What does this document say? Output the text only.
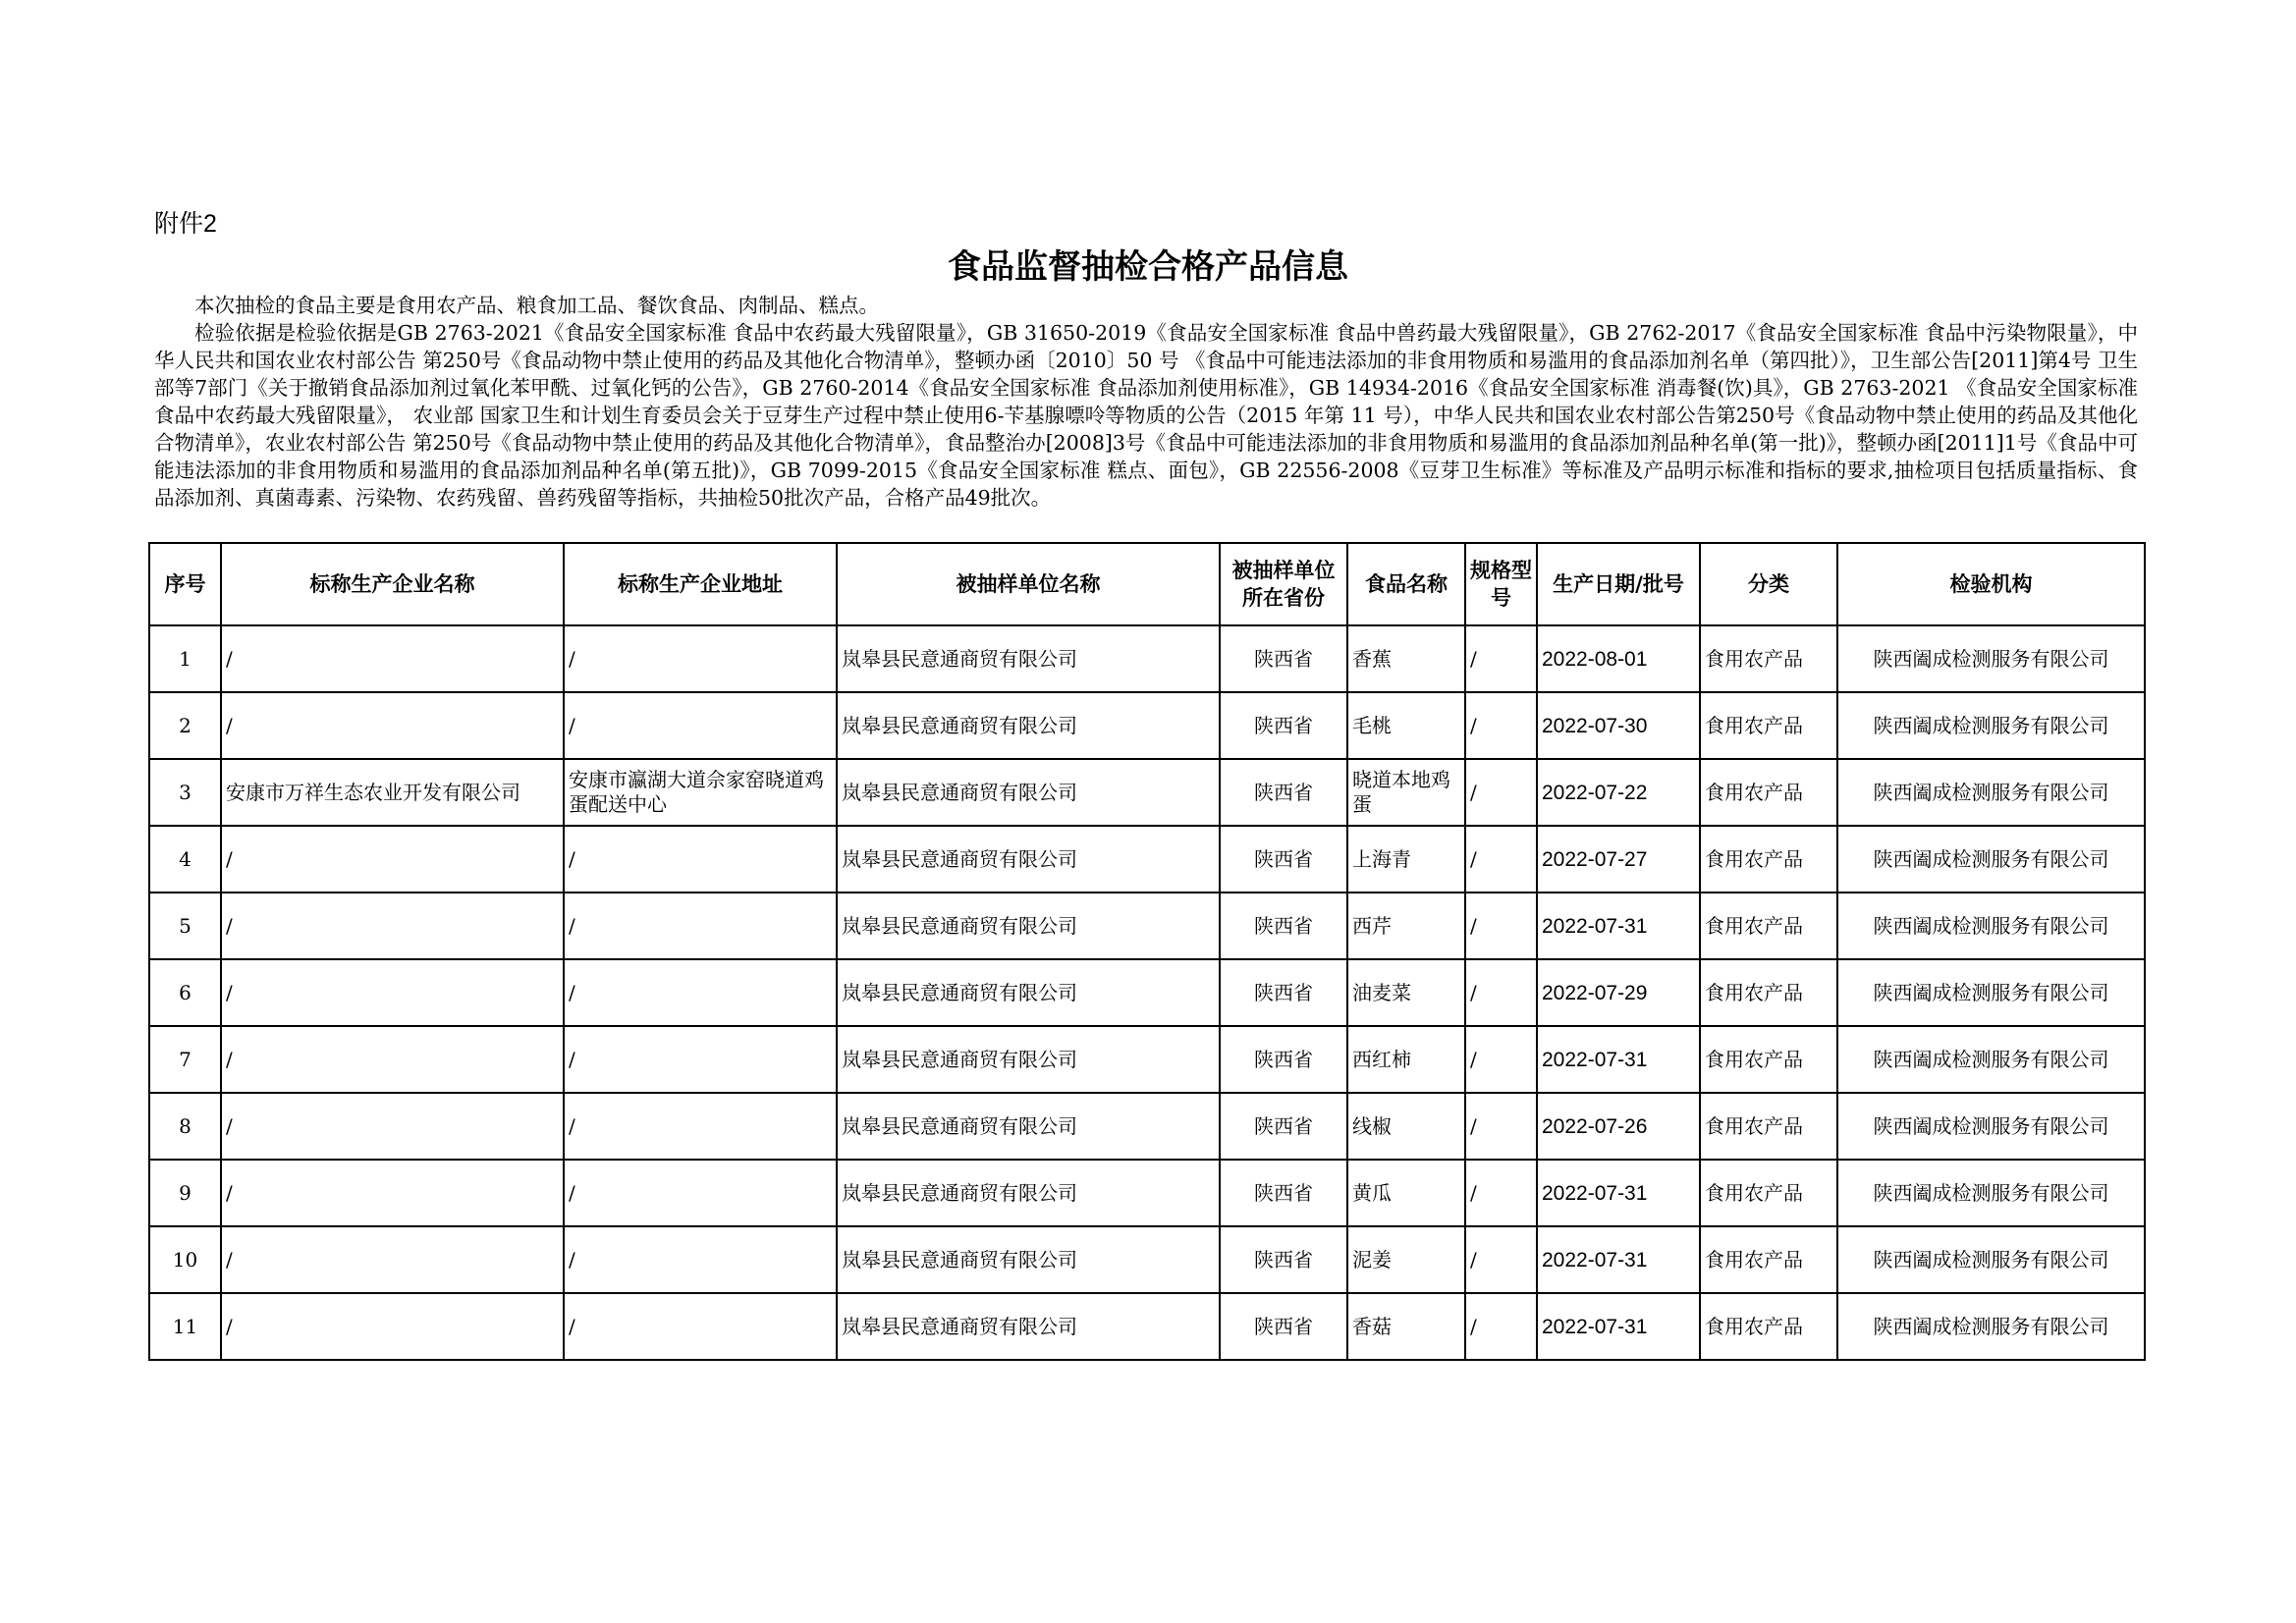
附件2
食品监督抽检合格产品信息

本次抽检的食品主要是食用农产品、粮食加工品、餐饮食品、肉制品、糕点。

检验依据是检验依据是GB 2763-2021《食品安全国家标准 食品中农药最大残留限量》，GB 31650-2019《食品安全国家标准 食品中兽药最大残留限量》，GB 2762-2017《食品安全国家标准 食品中污染物限量》，中华人民共和国农业农村部公告 第250号《食品动物中禁止使用的药品及其他化合物清单》，整顿办函〔2010〕50 号 《食品中可能违法添加的非食用物质和易滥用的食品添加剂名单（第四批）》，卫生部公告[2011]第4号 卫生部等7部门《关于撤销食品添加剂过氧化苯甲酰、过氧化钙的公告》，GB 2760-2014《食品安全国家标准 食品添加剂使用标准》，GB 14934-2016《食品安全国家标准 消毒餐(饮)具》，GB 2763-2021 《食品安全国家标准 食品中农药最大残留限量》， 农业部 国家卫生和计划生育委员会关于豆芽生产过程中禁止使用6-苄基腺嘌呤等物质的公告（2015 年第 11 号），中华人民共和国农业农村部公告第250号《食品动物中禁止使用的药品及其他化合物清单》，农业农村部公告 第250号《食品动物中禁止使用的药品及其他化合物清单》，食品整治办[2008]3号《食品中可能违法添加的非食用物质和易滥用的食品添加剂品种名单(第一批)》，整顿办函[2011]1号《食品中可能违法添加的非食用物质和易滥用的食品添加剂品种名单(第五批)》，GB 7099-2015《食品安全国家标准 糕点、面包》，GB 22556-2008《豆芽卫生标准》等标准及产品明示标准和指标的要求,抽检项目包括质量指标、食品添加剂、真菌毒素、污染物、农药残留、兽药残留等指标，共抽检50批次产品，合格产品49批次。

序号	标称生产企业名称	标称生产企业地址	被抽样单位名称	被抽样单位所在省份	食品名称	规格型号	生产日期/批号	分类	检验机构
1	/	/	岚皋县民意通商贸有限公司	陕西省	香蕉	/	2022-08-01	食用农产品	陕西阖成检测服务有限公司
2	/	/	岚皋县民意通商贸有限公司	陕西省	毛桃	/	2022-07-30	食用农产品	陕西阖成检测服务有限公司
3	安康市万祥生态农业开发有限公司	安康市瀛湖大道佘家窑晓道鸡蛋配送中心	岚皋县民意通商贸有限公司	陕西省	晓道本地鸡蛋	/	2022-07-22	食用农产品	陕西阖成检测服务有限公司
4	/	/	岚皋县民意通商贸有限公司	陕西省	上海青	/	2022-07-27	食用农产品	陕西阖成检测服务有限公司
5	/	/	岚皋县民意通商贸有限公司	陕西省	西芹	/	2022-07-31	食用农产品	陕西阖成检测服务有限公司
6	/	/	岚皋县民意通商贸有限公司	陕西省	油麦菜	/	2022-07-29	食用农产品	陕西阖成检测服务有限公司
7	/	/	岚皋县民意通商贸有限公司	陕西省	西红柿	/	2022-07-31	食用农产品	陕西阖成检测服务有限公司
8	/	/	岚皋县民意通商贸有限公司	陕西省	线椒	/	2022-07-26	食用农产品	陕西阖成检测服务有限公司
9	/	/	岚皋县民意通商贸有限公司	陕西省	黄瓜	/	2022-07-31	食用农产品	陕西阖成检测服务有限公司
10	/	/	岚皋县民意通商贸有限公司	陕西省	泥姜	/	2022-07-31	食用农产品	陕西阖成检测服务有限公司
11	/	/	岚皋县民意通商贸有限公司	陕西省	香菇	/	2022-07-31	食用农产品	陕西阖成检测服务有限公司
